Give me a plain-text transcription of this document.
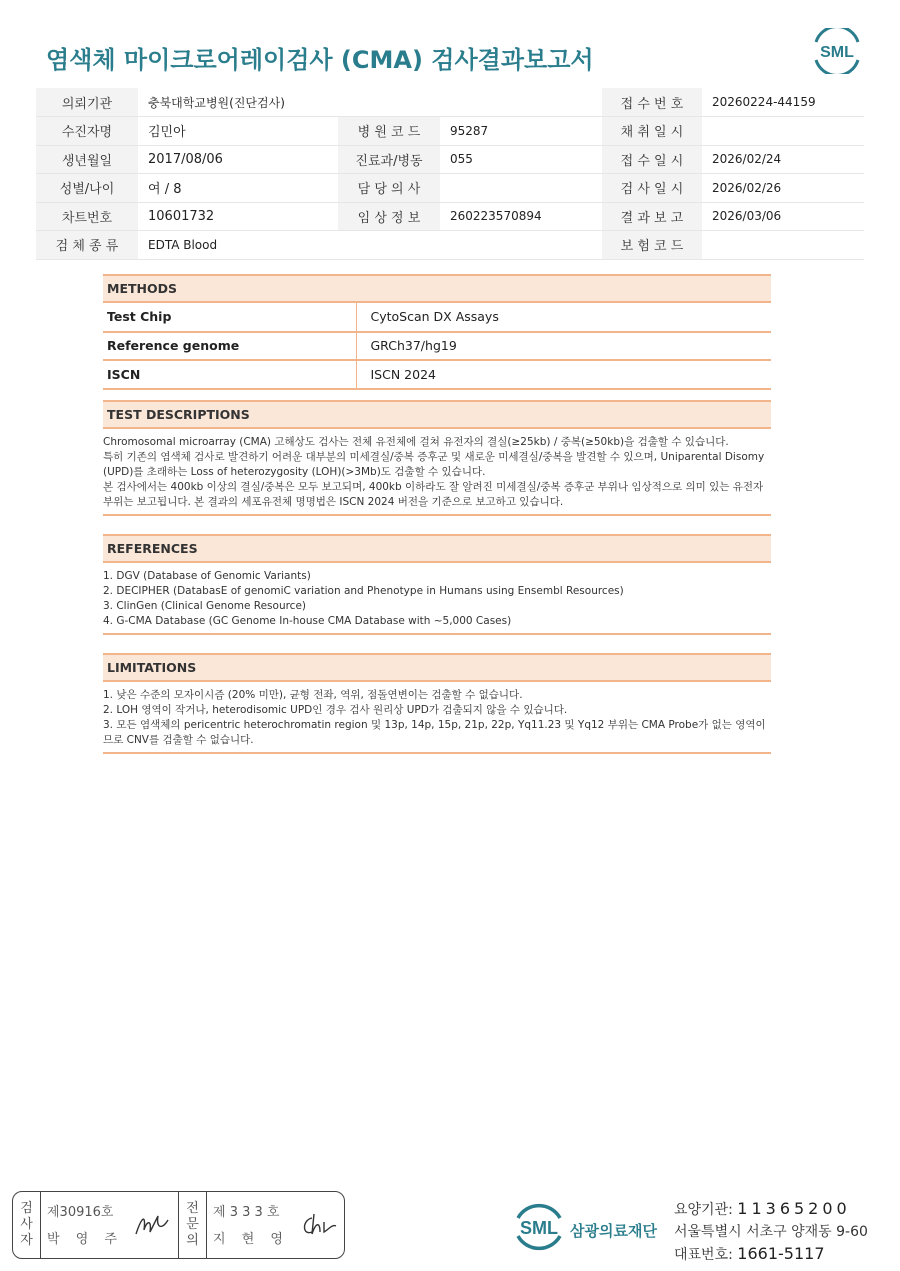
염색체 마이크로어레이검사 (CMA) 검사결과보고서	SML
의뢰기관	충북대학교병원(진단검사)			접 수 번 호	20260224-44159
수진자명	김민아	병 원 코 드	95287	채 취 일 시	
생년월일	2017/08/06	진료과/병동	055	접 수 일 시	2026/02/24
성별/나이	여 / 8	담 당 의 사		검 사 일 시	2026/02/26
차트번호	10601732	임 상 정 보	260223570894	결 과 보 고	2026/03/06
검 체 종 류	EDTA Blood			보 험 코 드	
METHODS
Test Chip	CytoScan DX Assays
Reference genome	GRCh37/hg19
ISCN	ISCN 2024
TEST DESCRIPTIONS

Chromosomal microarray (CMA) 고해상도 검사는 전체 유전체에 걸쳐 유전자의 결실(≥25kb) / 중복(≥50kb)을 검출할 수 있습니다.

특히 기존의 염색체 검사로 발견하기 어려운 대부분의 미세결실/중복 증후군 및 새로운 미세결실/중복을 발견할 수 있으며, Uniparental Disomy (UPD)를 초래하는 Loss of heterozygosity (LOH)(>3Mb)도 검출할 수 있습니다.

본 검사에서는 400kb 이상의 결실/중복은 모두 보고되며, 400kb 이하라도 잘 알려진 미세결실/중복 증후군 부위나 임상적으로 의미 있는 유전자 부위는 보고됩니다. 본 결과의 세포유전체 명명법은 ISCN 2024 버전을 기준으로 보고하고 있습니다.

REFERENCES

1. DGV (Database of Genomic Variants)

2. DECIPHER (DatabasE of genomiC variation and Phenotype in Humans using Ensembl Resources)

3. ClinGen (Clinical Genome Resource)

4. G-CMA Database (GC Genome In-house CMA Database with ~5,000 Cases)

LIMITATIONS

1. 낮은 수준의 모자이시즘 (20% 미만), 균형 전좌, 역위, 점돌연변이는 검출할 수 없습니다.

2. LOH 영역이 작거나, heterodisomic UPD인 경우 검사 원리상 UPD가 검출되지 않을 수 있습니다.

3. 모든 염색체의 pericentric heterochromatin region 및 13p, 14p, 15p, 21p, 22p, Yq11.23 및 Yq12 부위는 CMA Probe가 없는 영역이므로 CNV를 검출할 수 없습니다.

검
사
자
제30916호
박 영 주
전
문
의
제 3 3 3 호
지 현 영
SML 삼광의료재단
요양기관: 11365200
서울특별시 서초구 양재동 9-60
대표번호: 1661-5117
